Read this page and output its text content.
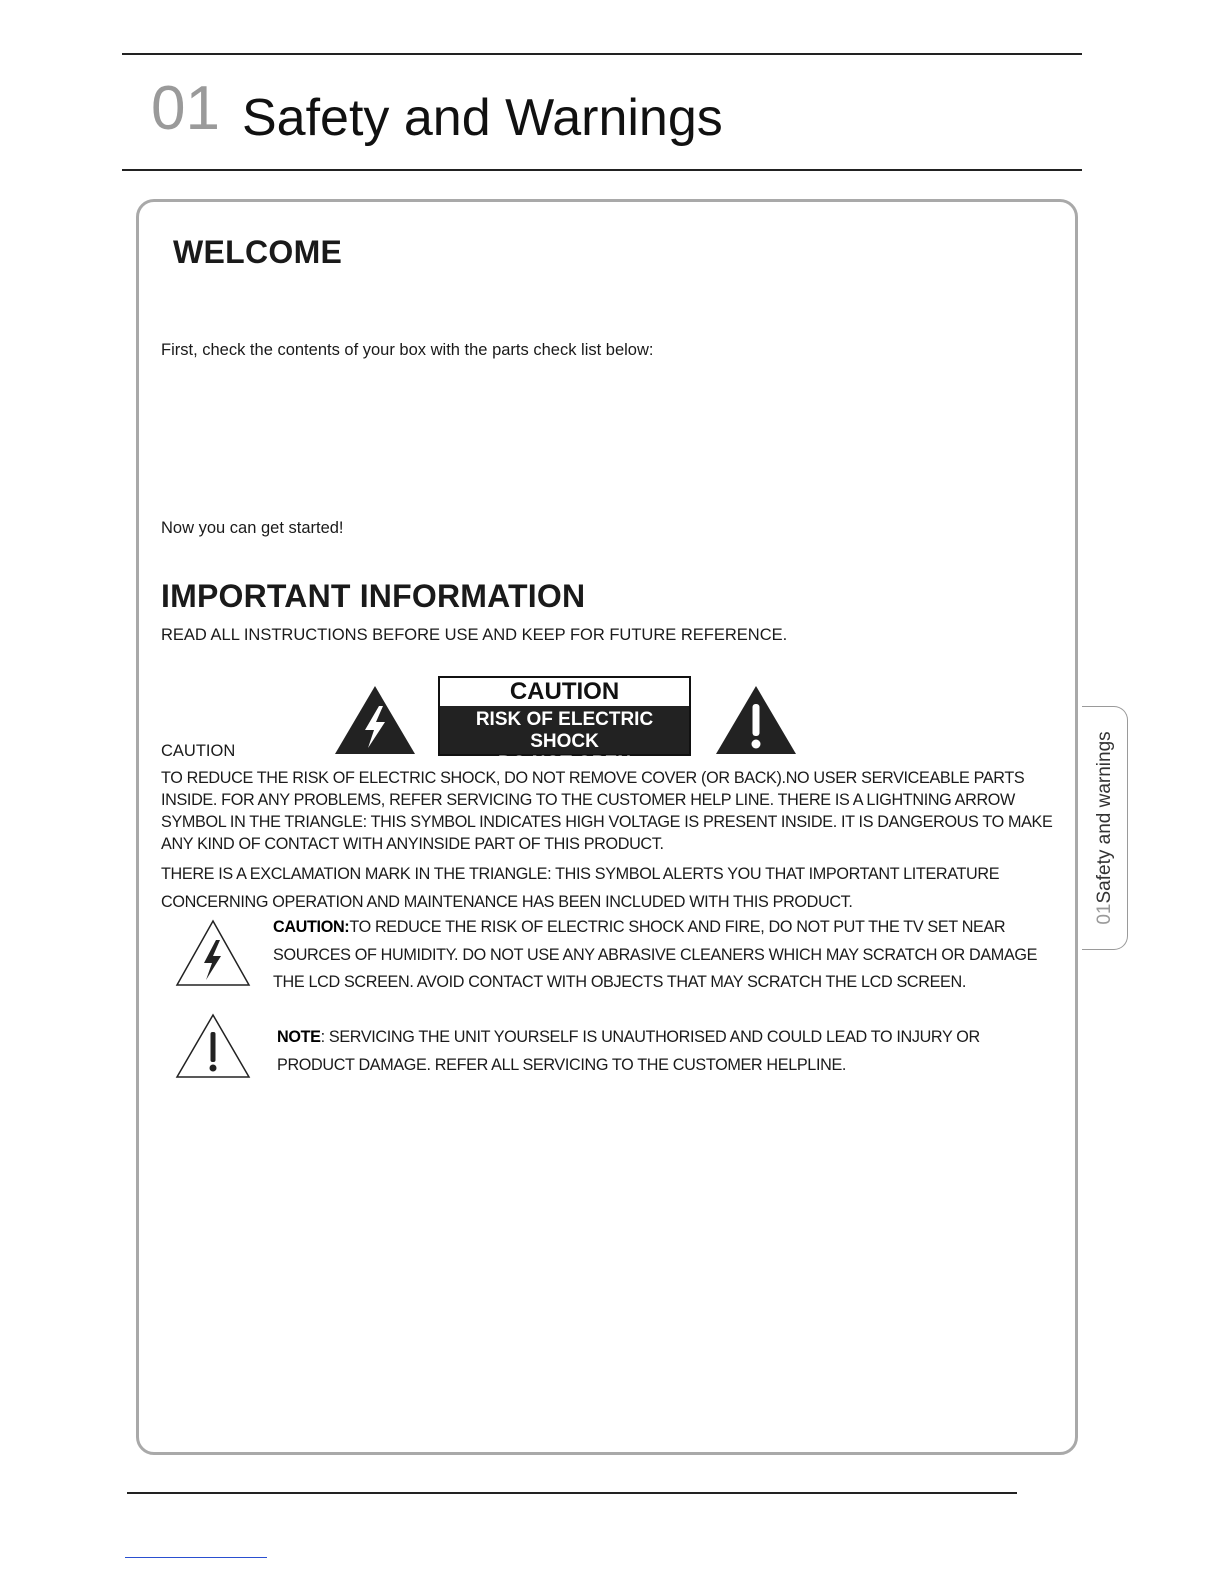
01 Safety and Warnings
01Safety and warnings
WELCOME
First, check the contents of your box with the parts check list below:
Now you can get started!
IMPORTANT INFORMATION
READ ALL INSTRUCTIONS BEFORE USE AND KEEP FOR FUTURE REFERENCE.
CAUTION
CAUTION
RISK OF ELECTRIC SHOCK
DO NOT OPEN
TO REDUCE THE RISK OF ELECTRIC SHOCK, DO NOT REMOVE COVER (OR BACK).NO USER SERVICEABLE PARTS INSIDE. FOR ANY PROBLEMS, REFER SERVICING TO THE CUSTOMER HELP LINE. THERE IS A LIGHTNING ARROW SYMBOL IN THE TRIANGLE: THIS SYMBOL INDICATES HIGH VOLTAGE IS PRESENT INSIDE. IT IS DANGEROUS TO MAKE ANY KIND OF CONTACT WITH ANYINSIDE PART OF THIS PRODUCT.
THERE IS A EXCLAMATION MARK IN THE TRIANGLE: THIS SYMBOL ALERTS YOU THAT IMPORTANT LITERATURE CONCERNING OPERATION AND MAINTENANCE HAS BEEN INCLUDED WITH THIS PRODUCT.
CAUTION:TO REDUCE THE RISK OF ELECTRIC SHOCK AND FIRE, DO NOT PUT THE TV SET NEAR SOURCES OF HUMIDITY. DO NOT USE ANY ABRASIVE CLEANERS WHICH MAY SCRATCH OR DAMAGE THE LCD SCREEN. AVOID CONTACT WITH OBJECTS THAT MAY SCRATCH THE LCD SCREEN.
NOTE: SERVICING THE UNIT YOURSELF IS UNAUTHORISED AND COULD LEAD TO INJURY OR PRODUCT DAMAGE. REFER ALL SERVICING TO THE CUSTOMER HELPLINE.
